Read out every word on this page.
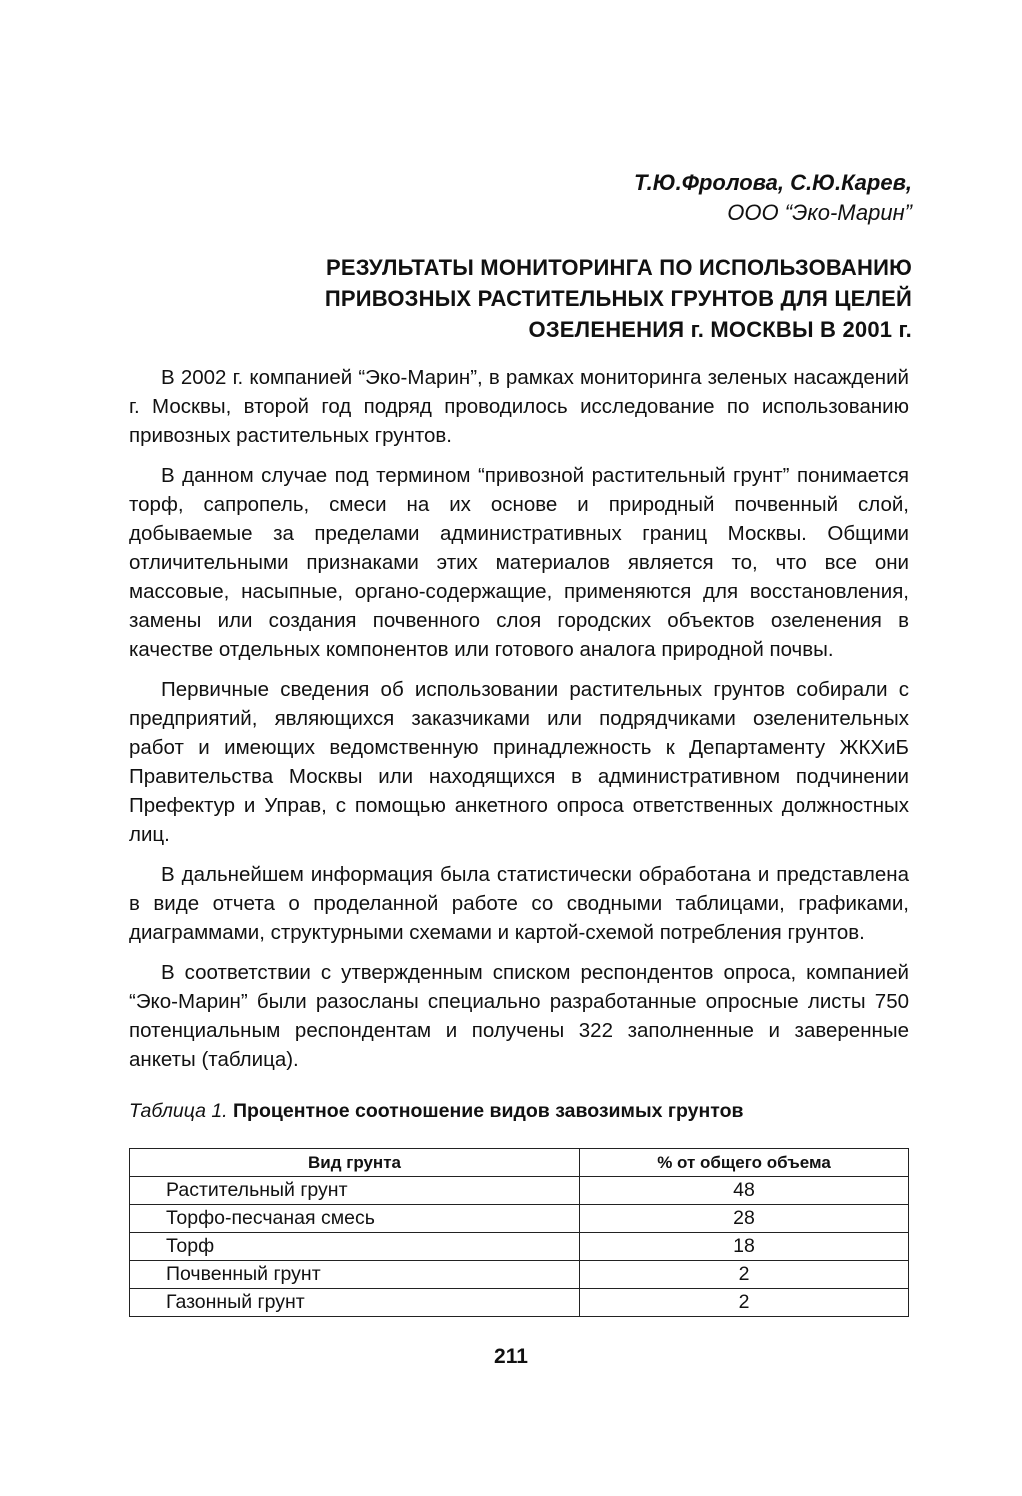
Т.Ю.Фролова, С.Ю.Карев,
ООО “Эко-Марин”
РЕЗУЛЬТАТЫ МОНИТОРИНГА ПО ИСПОЛЬЗОВАНИЮ
ПРИВОЗНЫХ РАСТИТЕЛЬНЫХ ГРУНТОВ ДЛЯ ЦЕЛЕЙ
ОЗЕЛЕНЕНИЯ г. МОСКВЫ В 2001 г.

В 2002 г. компанией “Эко-Марин”, в рамках мониторинга зеленых насаждений г. Москвы, второй год подряд проводилось исследование по использованию привозных растительных грунтов.

В данном случае под термином “привозной растительный грунт” понимается торф, сапропель, смеси на их основе и природный почвенный слой, добываемые за пределами административных границ Москвы. Общими отличительными признаками этих материалов является то, что все они массовые, насыпные, органо-содержащие, применяются для восстановления, замены или создания почвенного слоя городских объектов озеленения в качестве отдельных компонентов или готового аналога природной почвы.

Первичные сведения об использовании растительных грунтов собирали с предприятий, являющихся заказчиками или подрядчиками озеленительных работ и имеющих ведомственную принадлежность к Департаменту ЖКХиБ Правительства Москвы или находящихся в административном подчинении Префектур и Управ, с помощью анкетного опроса ответственных должностных лиц.

В дальнейшем информация была статистически обработана и представлена в виде отчета о проделанной работе со сводными таблицами, графиками, диаграммами, структурными схемами и картой-схемой потребления грунтов.

В соответствии с утвержденным списком респондентов опроса, компанией “Эко-Марин” были разосланы специально разработанные опросные листы 750 потенциальным респондентам и получены 322 заполненные и заверенные анкеты (таблица).

Таблица 1. Процентное соотношение видов завозимых грунтов
Вид грунта	% от общего объема
Растительный грунт	48
Торфо-песчаная смесь	28
Торф	18
Почвенный грунт	2
Газонный грунт	2
211
